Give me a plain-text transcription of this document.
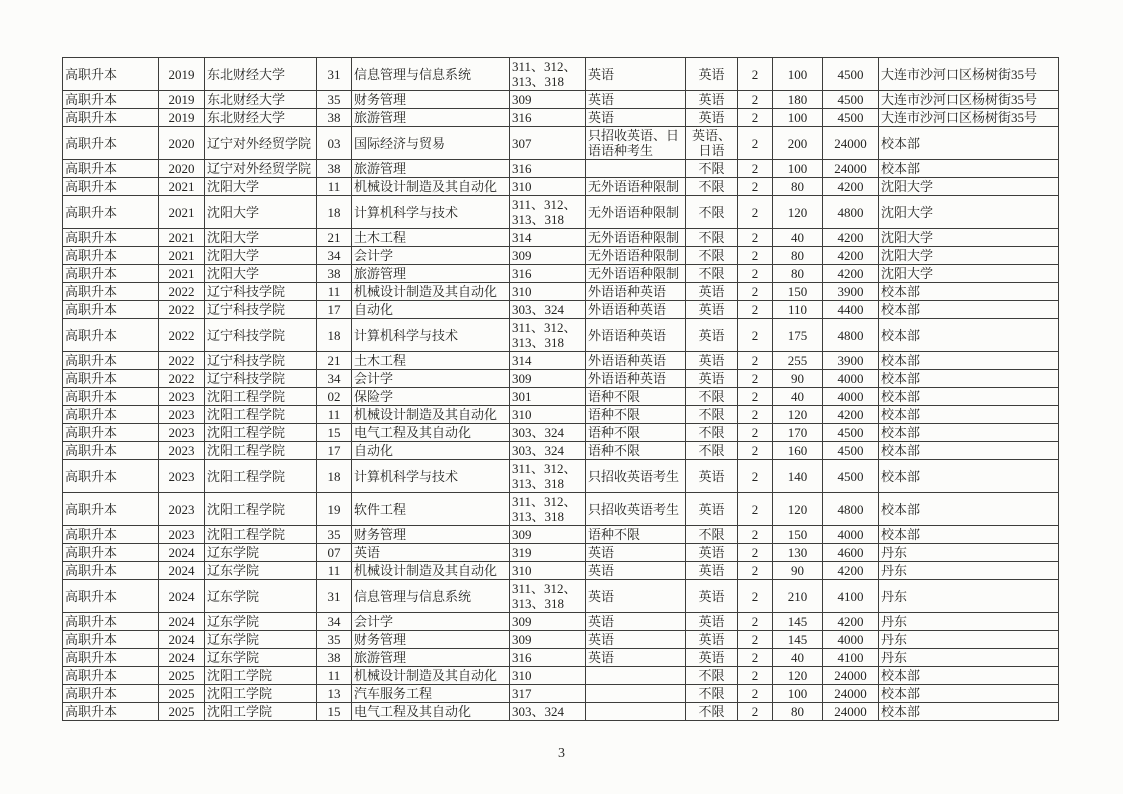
高职升本	2019	东北财经大学	31	信息管理与信息系统	311、312、313、318	英语	英语	2	100	4500	大连市沙河口区杨树街35号
高职升本	2019	东北财经大学	35	财务管理	309	英语	英语	2	180	4500	大连市沙河口区杨树街35号
高职升本	2019	东北财经大学	38	旅游管理	316	英语	英语	2	100	4500	大连市沙河口区杨树街35号
高职升本	2020	辽宁对外经贸学院	03	国际经济与贸易	307	只招收英语、日语语种考生	英语、日语	2	200	24000	校本部
高职升本	2020	辽宁对外经贸学院	38	旅游管理	316		不限	2	100	24000	校本部
高职升本	2021	沈阳大学	11	机械设计制造及其自动化	310	无外语语种限制	不限	2	80	4200	沈阳大学
高职升本	2021	沈阳大学	18	计算机科学与技术	311、312、313、318	无外语语种限制	不限	2	120	4800	沈阳大学
高职升本	2021	沈阳大学	21	土木工程	314	无外语语种限制	不限	2	40	4200	沈阳大学
高职升本	2021	沈阳大学	34	会计学	309	无外语语种限制	不限	2	80	4200	沈阳大学
高职升本	2021	沈阳大学	38	旅游管理	316	无外语语种限制	不限	2	80	4200	沈阳大学
高职升本	2022	辽宁科技学院	11	机械设计制造及其自动化	310	外语语种英语	英语	2	150	3900	校本部
高职升本	2022	辽宁科技学院	17	自动化	303、324	外语语种英语	英语	2	110	4400	校本部
高职升本	2022	辽宁科技学院	18	计算机科学与技术	311、312、313、318	外语语种英语	英语	2	175	4800	校本部
高职升本	2022	辽宁科技学院	21	土木工程	314	外语语种英语	英语	2	255	3900	校本部
高职升本	2022	辽宁科技学院	34	会计学	309	外语语种英语	英语	2	90	4000	校本部
高职升本	2023	沈阳工程学院	02	保险学	301	语种不限	不限	2	40	4000	校本部
高职升本	2023	沈阳工程学院	11	机械设计制造及其自动化	310	语种不限	不限	2	120	4200	校本部
高职升本	2023	沈阳工程学院	15	电气工程及其自动化	303、324	语种不限	不限	2	170	4500	校本部
高职升本	2023	沈阳工程学院	17	自动化	303、324	语种不限	不限	2	160	4500	校本部
高职升本	2023	沈阳工程学院	18	计算机科学与技术	311、312、313、318	只招收英语考生	英语	2	140	4500	校本部
高职升本	2023	沈阳工程学院	19	软件工程	311、312、313、318	只招收英语考生	英语	2	120	4800	校本部
高职升本	2023	沈阳工程学院	35	财务管理	309	语种不限	不限	2	150	4000	校本部
高职升本	2024	辽东学院	07	英语	319	英语	英语	2	130	4600	丹东
高职升本	2024	辽东学院	11	机械设计制造及其自动化	310	英语	英语	2	90	4200	丹东
高职升本	2024	辽东学院	31	信息管理与信息系统	311、312、313、318	英语	英语	2	210	4100	丹东
高职升本	2024	辽东学院	34	会计学	309	英语	英语	2	145	4200	丹东
高职升本	2024	辽东学院	35	财务管理	309	英语	英语	2	145	4000	丹东
高职升本	2024	辽东学院	38	旅游管理	316	英语	英语	2	40	4100	丹东
高职升本	2025	沈阳工学院	11	机械设计制造及其自动化	310		不限	2	120	24000	校本部
高职升本	2025	沈阳工学院	13	汽车服务工程	317		不限	2	100	24000	校本部
高职升本	2025	沈阳工学院	15	电气工程及其自动化	303、324		不限	2	80	24000	校本部
3
